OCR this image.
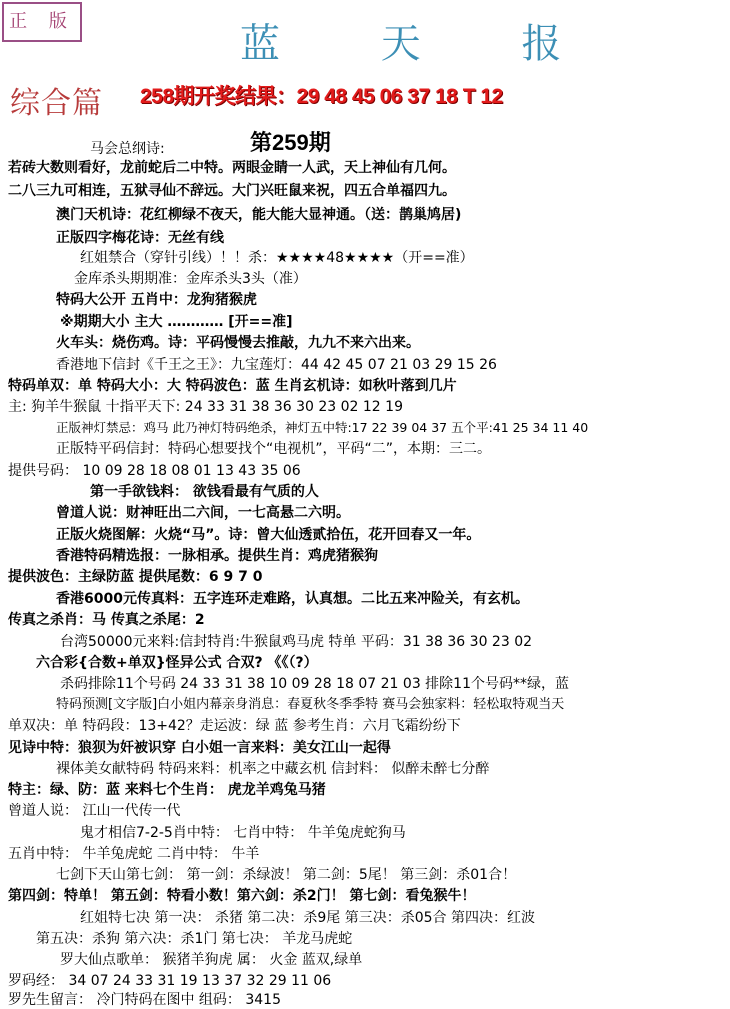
正 版	蓝 天 报
综合篇 258期开奖结果：29 48 45 06 37 18 T 12
马会总纲诗:	第259期
若砖大数则看好，龙前蛇后二中特。两眼金睛一人武，天上神仙有几何。
二八三九可相连，五狱寻仙不辞远。大门兴旺鼠来祝，四五合单福四九。
澳门天机诗：花红柳绿不夜天，能大能大显神通。（送：鹊巢鸠居)
正版四字梅花诗：无丝有线
红姐禁合（穿针引线）！！杀：★★★★48★★★★（开==准）
金库杀头期期准：金库杀头3头（准）
特码大公开 五肖中：龙狗猪猴虎
※期期大小 主大 ………… [开==准]
火车头：烧伤鸡。诗：平码慢慢去推敲，九九不来六出来。
香港地下信封《千王之王》：九宝莲灯：44 42 45 07 21 03 29 15 26
特码单双：单 特码大小：大 特码波色：蓝 生肖玄机诗：如秋叶落到几片
主: 狗羊牛猴鼠 十指平天下: 24 33 31 38 36 30 23 02 12 19
正版神灯禁忌：鸡马 此乃神灯特码绝杀，神灯五中特:17 22 39 04 37 五个平:41 25 34 11 40
正版特平码信封：特码心想要找个“电视机”，平码“二”，本期：三二。
提供号码： 10 09 28 18 08 01 13 43 35 06
第一手欲钱料： 欲钱看最有气质的人
曾道人说：财神旺出二六间，一七高悬二六明。
正版火烧图解：火烧“马”。诗：曾大仙透贰拾伍，花开回春又一年。
香港特码精选报：一脉相承。提供生肖：鸡虎猪猴狗
提供波色：主绿防蓝 提供尾数：6 9 7 0
香港6000元传真料：五字连环走难路，认真想。二比五来冲险关，有玄机。
传真之杀肖：马 传真之杀尾：2
台湾50000元来料:信封特肖:牛猴鼠鸡马虎 特单 平码：31 38 36 30 23 02
六合彩{合数+单双}怪异公式 合双? 《《（?）
杀码排除11个号码 24 33 31 38 10 09 28 18 07 21 03 排除11个号码**绿，蓝
特码预测[文字版]白小姐内幕亲身消息：春夏秋冬季季特 赛马会独家料：轻松取特观当天
单双决：单 特码段：13+42？走运波：绿 蓝 参考生肖：六月飞霜纷纷下
见诗中特：狼狈为奸被识穿 白小姐一言来料：美女江山一起得
裸体美女献特码 特码来料：机率之中藏玄机 信封料： 似醉未醉七分醉
特主：绿、防：蓝 来料七个生肖： 虎龙羊鸡兔马猪
曾道人说： 江山一代传一代
鬼才相信7-2-5肖中特： 七肖中特： 牛羊兔虎蛇狗马
五肖中特： 牛羊兔虎蛇 二肖中特： 牛羊
七剑下天山第七剑： 第一剑：杀绿波！ 第二剑：5尾！ 第三剑：杀01合！
第四剑：特单！ 第五剑：特看小数！第六剑：杀2门！ 第七剑：看兔猴牛！
红姐特七决 第一决： 杀猪 第二决：杀9尾 第三决：杀05合 第四决：红波
第五决：杀狗 第六决：杀1门 第七决： 羊龙马虎蛇
罗大仙点歌单： 猴猪羊狗虎 属： 火金 蓝双,绿单
罗码经： 34 07 24 33 31 19 13 37 32 29 11 06
罗先生留言： 冷门特码在图中 组码： 3415
